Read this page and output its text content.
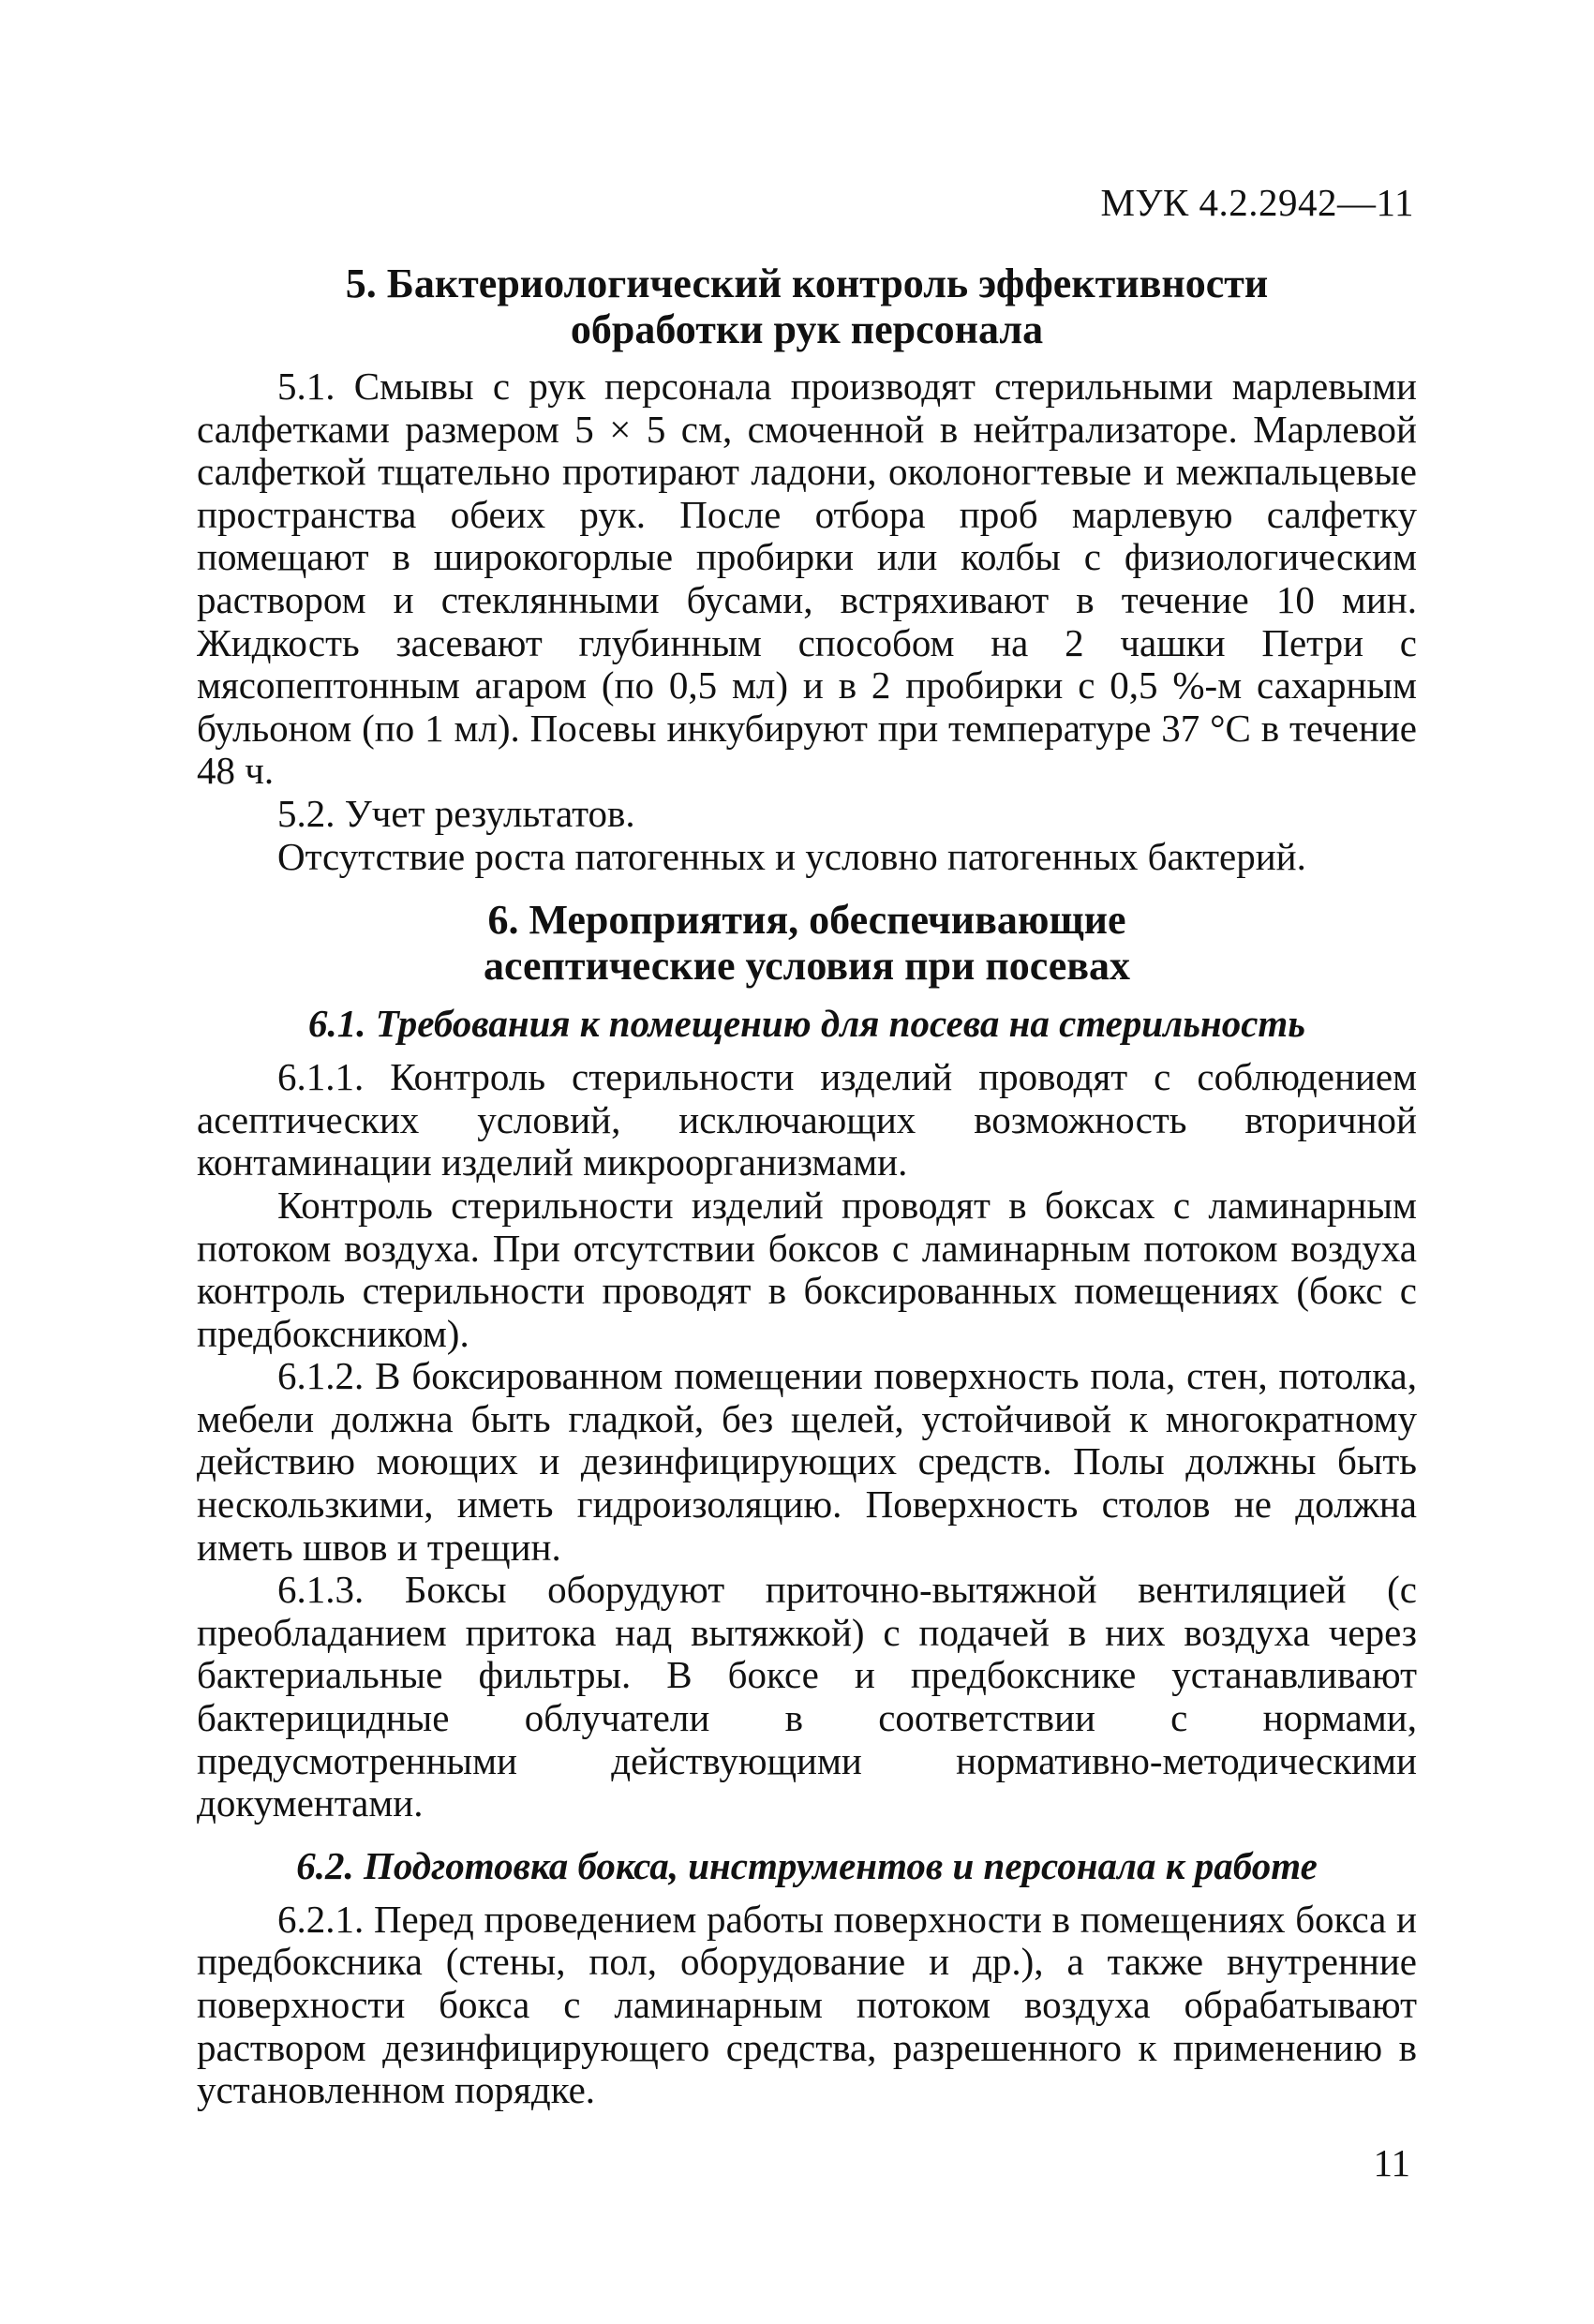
МУК 4.2.2942—11
5. Бактериологический контроль эффективности
обработки рук персонала

5.1. Смывы с рук персонала производят стерильными марлевыми салфетками размером 5 × 5 см, смоченной в нейтрализаторе. Марлевой салфеткой тщательно протирают ладони, околоногтевые и межпальцевые пространства обеих рук. После отбора проб марлевую салфетку помещают в широкогорлые пробирки или колбы с физиологическим раствором и стеклянными бусами, встряхивают в течение 10 мин. Жидкость засевают глубинным способом на 2 чашки Петри с мясопептонным агаром (по 0,5 мл) и в 2 пробирки с 0,5 %-м сахарным бульоном (по 1 мл). Посевы инкубируют при температуре 37 °С в течение 48 ч.

5.2. Учет результатов.

Отсутствие роста патогенных и условно патогенных бактерий.

6. Мероприятия, обеспечивающие
асептические условия при посевах
6.1. Требования к помещению для посева на стерильность

6.1.1. Контроль стерильности изделий проводят с соблюдением асептических условий, исключающих возможность вторичной контаминации изделий микроорганизмами.

Контроль стерильности изделий проводят в боксах с ламинарным потоком воздуха. При отсутствии боксов с ламинарным потоком воздуха контроль стерильности проводят в боксированных помещениях (бокс с предбоксником).

6.1.2. В боксированном помещении поверхность пола, стен, потолка, мебели должна быть гладкой, без щелей, устойчивой к многократному действию моющих и дезинфицирующих средств. Полы должны быть нескользкими, иметь гидроизоляцию. Поверхность столов не должна иметь швов и трещин.

6.1.3. Боксы оборудуют приточно-вытяжной вентиляцией (с преобладанием притока над вытяжкой) с подачей в них воздуха через бактериальные фильтры. В боксе и предбокснике устанавливают бактерицидные облучатели в соответствии с нормами, предусмотренными действующими нормативно-методическими документами.

6.2. Подготовка бокса, инструментов и персонала к работе

6.2.1. Перед проведением работы поверхности в помещениях бокса и предбоксника (стены, пол, оборудование и др.), а также внутренние поверхности бокса с ламинарным потоком воздуха обрабатывают раствором дезинфицирующего средства, разрешенного к применению в установленном порядке.

11
